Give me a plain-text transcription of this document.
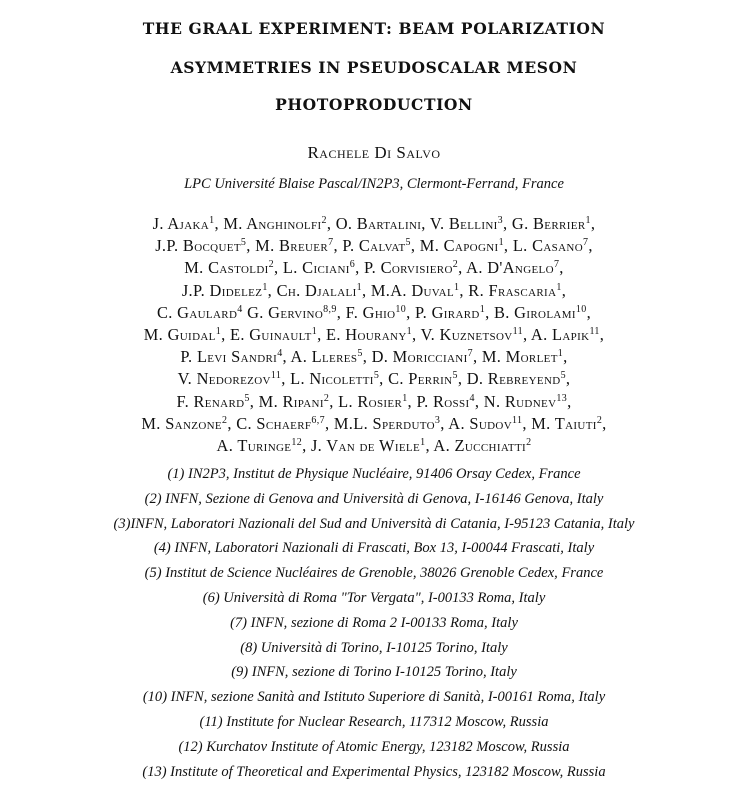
THE GRAAL EXPERIMENT: BEAM POLARIZATION
ASYMMETRIES IN PSEUDOSCALAR MESON
PHOTOPRODUCTION
Rachele Di Salvo
LPC Université Blaise Pascal/IN2P3, Clermont-Ferrand, France
J. Ajaka$^1$, M. Anghinolfi$^2$, O. Bartalini, V. Bellini$^3$, G. Berrier$^1$,
J.P. Bocquet$^5$, M. Breuer$^7$, P. Calvat$^5$, M. Capogni$^1$, L. Casano$^7$,
M. Castoldi$^2$, L. Ciciani$^6$, P. Corvisiero$^2$, A. D'Angelo$^7$,
J.P. Didelez$^1$, Ch. Djalali$^1$, M.A. Duval$^1$, R. Frascaria$^1$,
C. Gaulard$^4$ G. Gervino$^{8,9}$, F. Ghio$^{10}$, P. Girard$^1$, B. Girolami$^{10}$,
M. Guidal$^1$, E. Guinault$^1$, E. Hourany$^1$, V. Kuznetsov$^{11}$, A. Lapik$^{11}$,
P. Levi Sandri$^4$, A. Lleres$^5$, D. Moricciani$^7$, M. Morlet$^1$,
V. Nedorezov$^{11}$, L. Nicoletti$^5$, C. Perrin$^5$, D. Rebreyend$^5$,
F. Renard$^5$, M. Ripani$^2$, L. Rosier$^1$, P. Rossi$^4$, N. Rudnev$^{13}$,
M. Sanzone$^2$, C. Schaerf$^{6,7}$, M.L. Sperduto$^3$, A. Sudov$^{11}$, M. Taiuti$^2$,
A. Turinge$^{12}$, J. Van de Wiele$^1$, A. Zucchiatti$^2$
(1) IN2P3, Institut de Physique Nucléaire, 91406 Orsay Cedex, France
(2) INFN, Sezione di Genova and Università di Genova, I-16146 Genova, Italy
(3)INFN, Laboratori Nazionali del Sud and Università di Catania, I-95123 Catania, Italy
(4) INFN, Laboratori Nazionali di Frascati, Box 13, I-00044 Frascati, Italy
(5) Institut de Science Nucléaires de Grenoble, 38026 Grenoble Cedex, France
(6) Università di Roma "Tor Vergata", I-00133 Roma, Italy
(7) INFN, sezione di Roma 2 I-00133 Roma, Italy
(8) Università di Torino, I-10125 Torino, Italy
(9) INFN, sezione di Torino I-10125 Torino, Italy
(10) INFN, sezione Sanità and Istituto Superiore di Sanità, I-00161 Roma, Italy
(11) Institute for Nuclear Research, 117312 Moscow, Russia
(12) Kurchatov Institute of Atomic Energy, 123182 Moscow, Russia
(13) Institute of Theoretical and Experimental Physics, 123182 Moscow, Russia
